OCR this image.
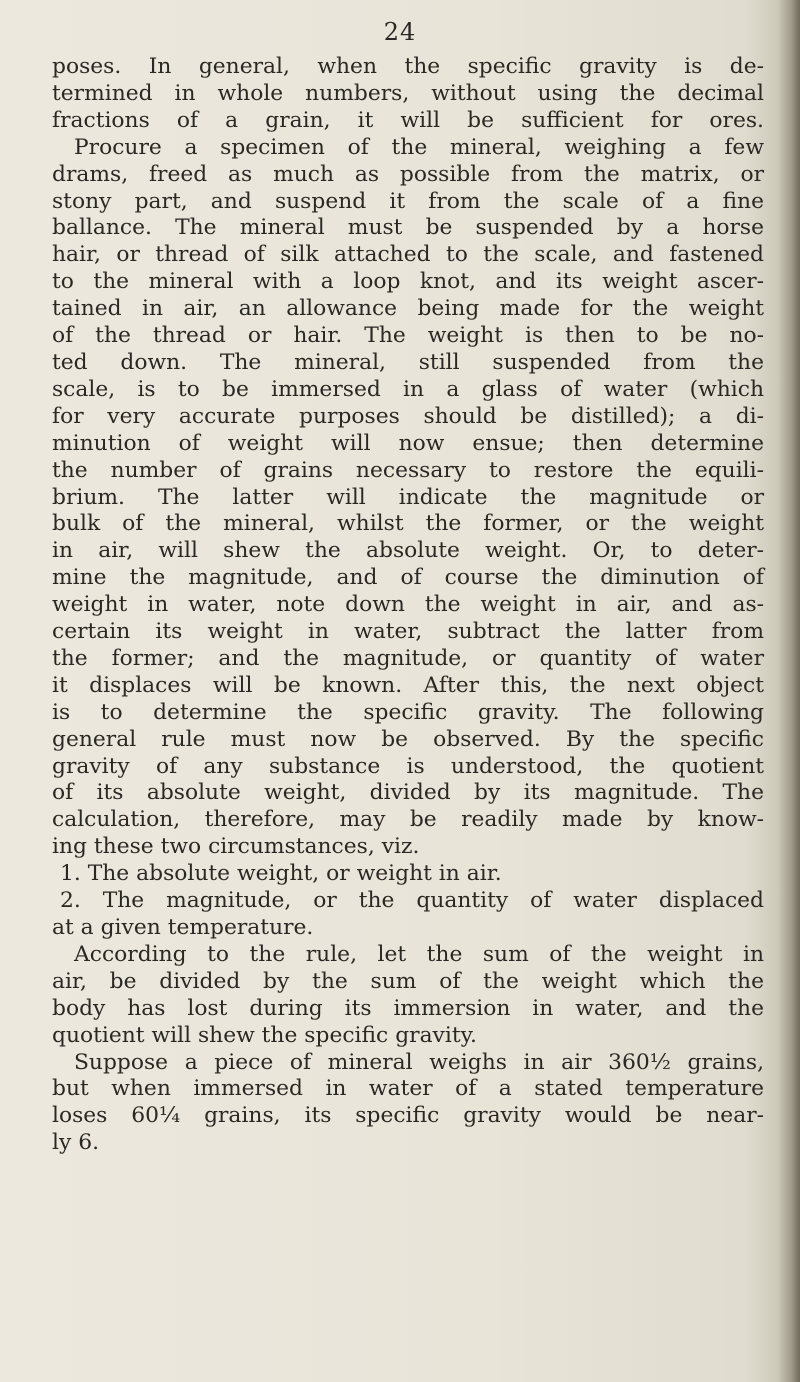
24
poses. In general, when the specific gravity is de-
termined in whole numbers, without using the decimal
fractions of a grain, it will be sufficient for ores.
Procure a specimen of the mineral, weighing a few
drams, freed as much as possible from the matrix, or
stony part, and suspend it from the scale of a fine
ballance. The mineral must be suspended by a horse
hair, or thread of silk attached to the scale, and fastened
to the mineral with a loop knot, and its weight ascer-
tained in air, an allowance being made for the weight
of the thread or hair. The weight is then to be no-
ted down. The mineral, still suspended from the
scale, is to be immersed in a glass of water (which
for very accurate purposes should be distilled); a di-
minution of weight will now ensue; then determine
the number of grains necessary to restore the equili-
brium. The latter will indicate the magnitude or
bulk of the mineral, whilst the former, or the weight
in air, will shew the absolute weight. Or, to deter-
mine the magnitude, and of course the diminution of
weight in water, note down the weight in air, and as-
certain its weight in water, subtract the latter from
the former; and the magnitude, or quantity of water
it displaces will be known. After this, the next object
is to determine the specific gravity. The following
general rule must now be observed. By the specific
gravity of any substance is understood, the quotient
of its absolute weight, divided by its magnitude. The
calculation, therefore, may be readily made by know-
ing these two circumstances, viz.
1. The absolute weight, or weight in air.
2. The magnitude, or the quantity of water displaced
at a given temperature.
According to the rule, let the sum of the weight in
air, be divided by the sum of the weight which the
body has lost during its immersion in water, and the
quotient will shew the specific gravity.
Suppose a piece of mineral weighs in air 360½ grains,
but when immersed in water of a stated temperature
loses 60¼ grains, its specific gravity would be near-
ly 6.
